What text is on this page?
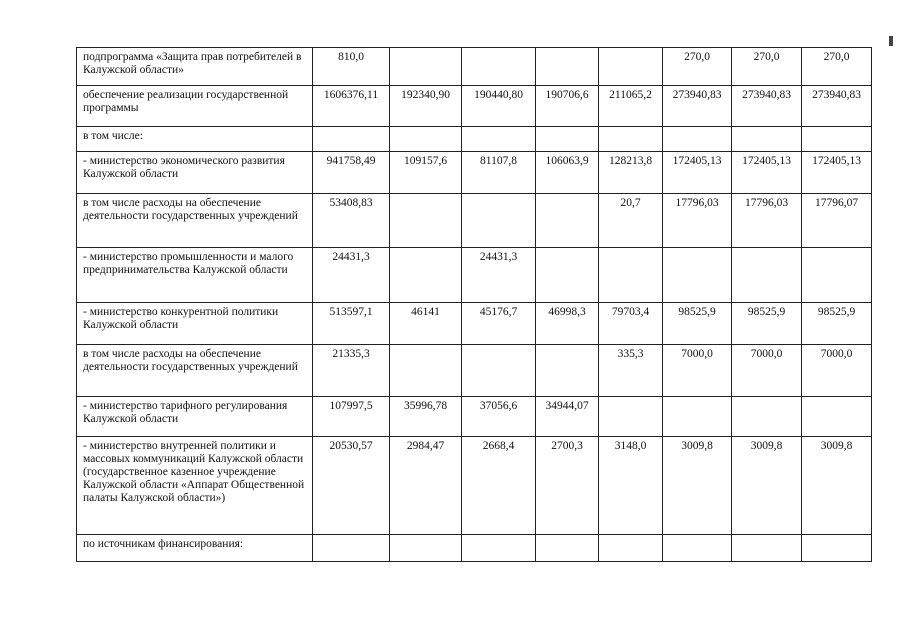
подпрограмма «Защита прав потребителей в Калужской области»	810,0					270,0	270,0	270,0
обеспечение реализации государственной программы	1606376,11	192340,90	190440,80	190706,6	211065,2	273940,83	273940,83	273940,83
в том числе:								
- министерство экономического развития Калужской области	941758,49	109157,6	81107,8	106063,9	128213,8	172405,13	172405,13	172405,13
в том числе расходы на обеспечение деятельности государственных учреждений	53408,83				20,7	17796,03	17796,03	17796,07
- министерство промышленности и малого предпринимательства Калужской области	24431,3		24431,3					
- министерство конкурентной политики Калужской области	513597,1	46141	45176,7	46998,3	79703,4	98525,9	98525,9	98525,9
в том числе расходы на обеспечение деятельности государственных учреждений	21335,3				335,3	7000,0	7000,0	7000,0
- министерство тарифного регулирования Калужской области	107997,5	35996,78	37056,6	34944,07				
- министерство внутренней политики и массовых коммуникаций Калужской области (государственное казенное учреждение Калужской области «Аппарат Общественной палаты Калужской области»)	20530,57	2984,47	2668,4	2700,3	3148,0	3009,8	3009,8	3009,8
по источникам финансирования:								
